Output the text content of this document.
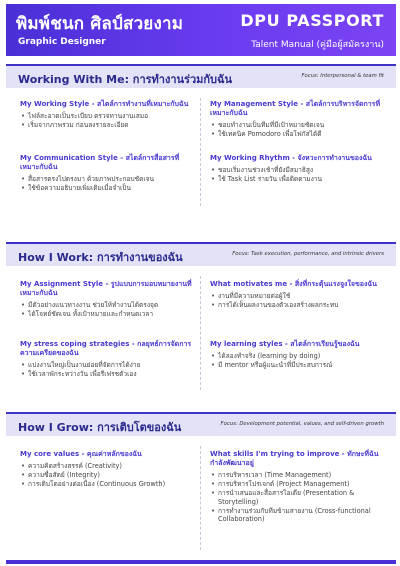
พิมพ์ชนก ศิลป์สวยงาม
Graphic Designer
DPU PASSPORT
Talent Manual (คู่มือผู้สมัครงาน)
Working With Me: การทำงานร่วมกับฉัน	Focus: Interpersonal & team fit
My Working Style - สไตล์การทำงานที่เหมาะกับฉัน
• ไฟล์สะอาดเป็นระเบียบ ตรวจทานงานเสมอ
• เริ่มจากภาพรวม ก่อนลงรายละเอียด
My Communication Style - สไตล์การสื่อสารที่เหมาะกับฉัน
• สื่อสารตรงไปตรงมา ด้วยภาพประกอบชัดเจน
• ใช้ข้อความอธิบายเพิ่มเติมเมื่อจำเป็น
My Management Style - สไตล์การบริหารจัดการที่เหมาะกับฉัน
• ชอบทำงานเป็นทีมที่มีเป้าหมายชัดเจน
• ใช้เทคนิค Pomodoro เพื่อโฟกัสได้ดี
My Working Rhythm - จังหวะการทำงานของฉัน
• ชอบเริ่มงานช่วงเช้าที่ยังมีสมาธิสูง
• ใช้ Task List รายวัน เพื่อติดตามงาน
How I Work: การทำงานของฉัน	Focus: Task execution, performance, and intrinsic drivers
My Assignment Style - รูปแบบการมอบหมายงานที่เหมาะกับฉัน
• มีตัวอย่างแนวทางงาน ช่วยให้ทำงานได้ตรงจุด
• ได้โจทย์ชัดเจน ทั้งเป้าหมายและกำหนดเวลา
My stress coping strategies - กลยุทธ์การจัดการความเครียดของฉัน
• แบ่งงานใหญ่เป็นงานย่อยที่จัดการได้ง่าย
• ใช้เวลาพักระหว่างวัน เพื่อรีเฟรชตัวเอง
What motivates me - สิ่งที่กระตุ้นแรงจูงใจของฉัน
• งานที่มีความหมายต่อผู้ใช้
• การได้เห็นผลงานของตัวเองสร้างผลกระทบ
My learning styles - สไตล์การเรียนรู้ของฉัน
• ได้ลองทำจริง (learning by doing)
• มี mentor หรือผู้แนะนำที่มีประสบการณ์
How I Grow: การเติบโตของฉัน	Focus: Development potential, values, and self-driven growth
My core values - คุณค่าหลักของฉัน
• ความคิดสร้างสรรค์ (Creativity)
• ความซื่อสัตย์ (Integrity)
• การเติบโตอย่างต่อเนื่อง (Continuous Growth)
What skills I'm trying to improve - ทักษะที่ฉันกำลังพัฒนาอยู่
• การบริหารเวลา (Time Management)
• การบริหารโปรเจกต์ (Project Management)
• การนำเสนอและสื่อสารไอเดีย (Presentation & Storytelling)
• การทำงานร่วมกับทีมข้ามสายงาน (Cross-functional Collaboration)
